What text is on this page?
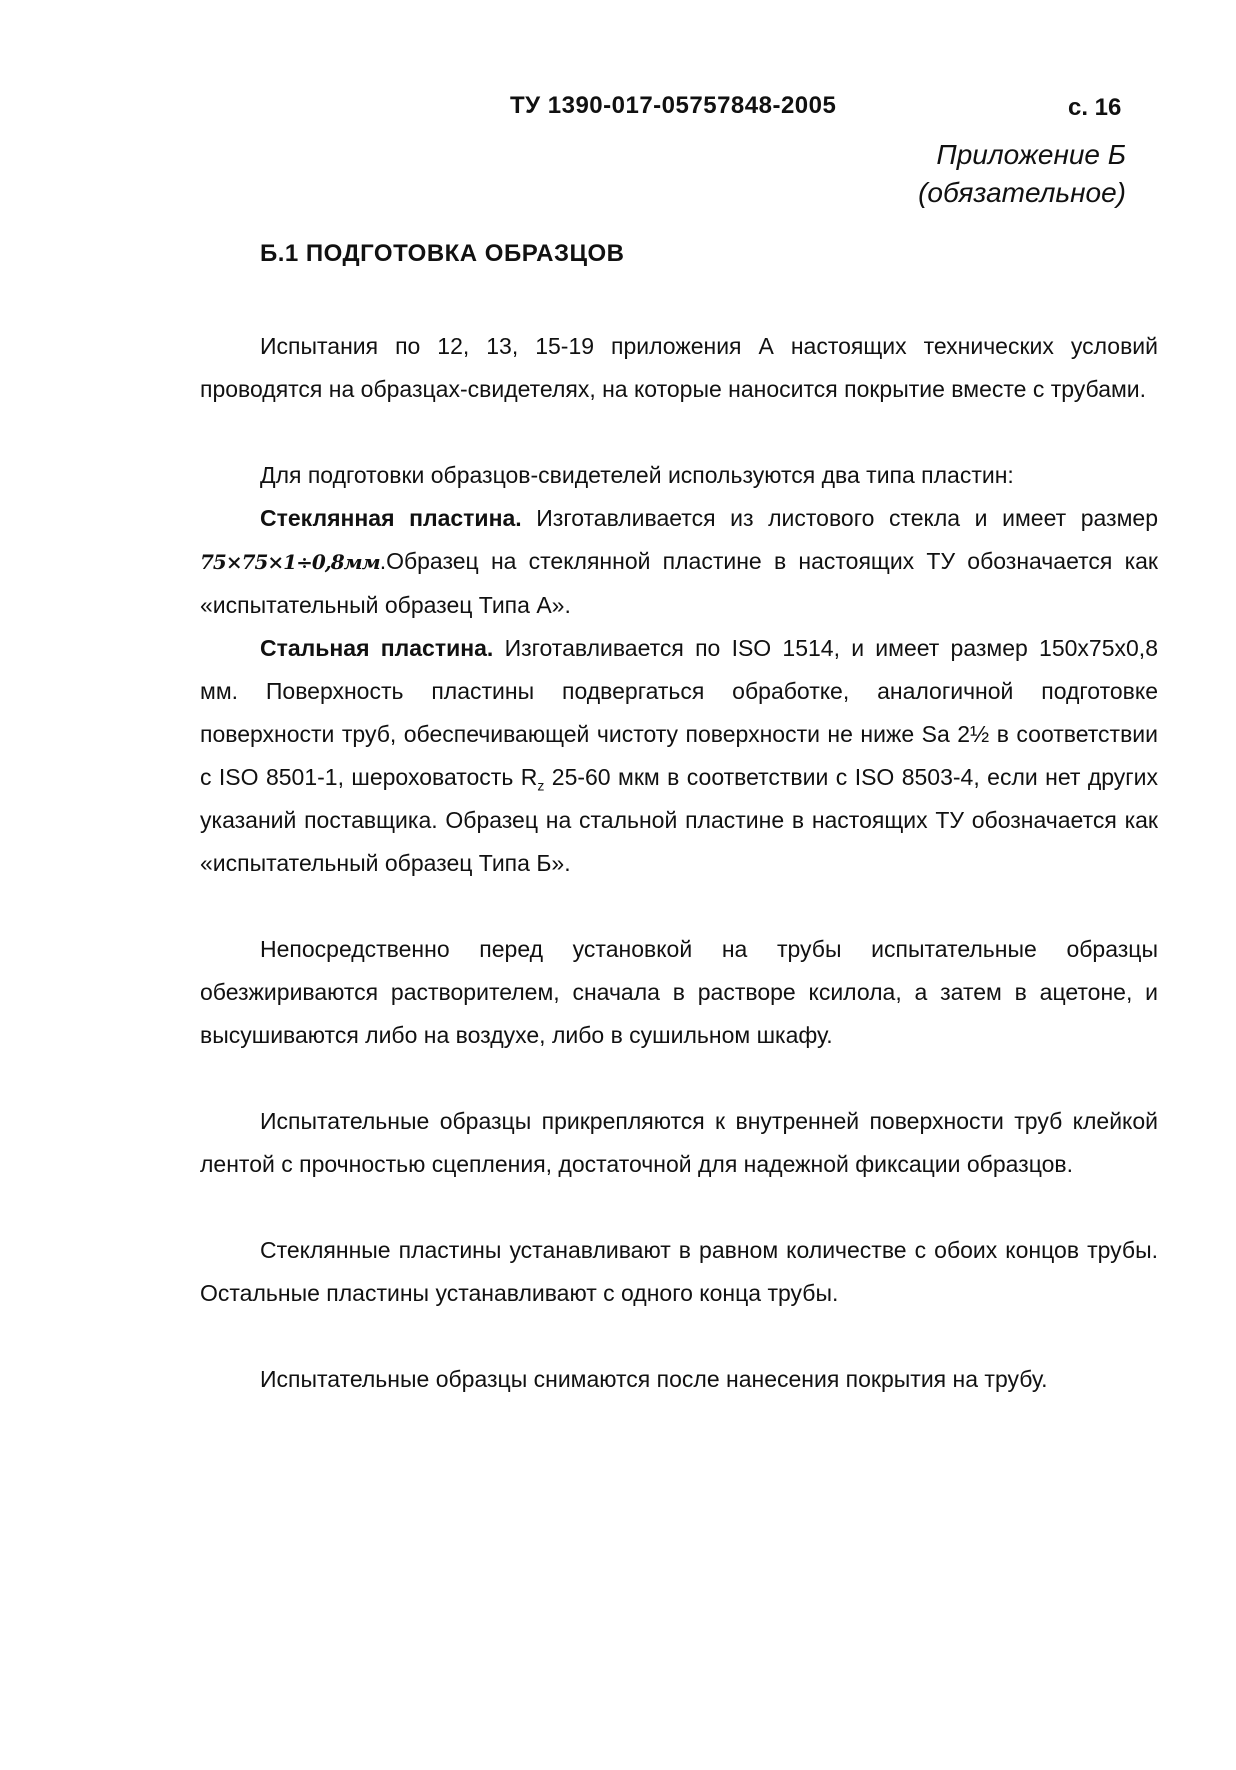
ТУ 1390-017-05757848-2005	с. 16
Приложение Б
(обязательное)
Б.1 ПОДГОТОВКА ОБРАЗЦОВ

Испытания по 12, 13, 15-19 приложения А настоящих технических условий проводятся на образцах-свидетелях, на которые наносится покрытие вместе с трубами.

Для подготовки образцов-свидетелей используются два типа пластин:

Стеклянная пластина. Изготавливается из листового стекла и имеет размер 75×75×1÷0,8мм.Образец на стеклянной пластине в настоящих ТУ обозначается как «испытательный образец Типа А».

Стальная пластина. Изготавливается по ISO 1514, и имеет размер 150x75x0,8 мм. Поверхность пластины подвергаться обработке, аналогичной подготовке поверхности труб, обеспечивающей чистоту поверхности не ниже Sa 2½ в соответствии с ISO 8501-1, шероховатость $R_z$ 25-60 мкм в соответствии с ISO 8503-4, если нет других указаний поставщика. Образец на стальной пластине в настоящих ТУ обозначается как «испытательный образец Типа Б».

Непосредственно перед установкой на трубы испытательные образцы обезжириваются растворителем, сначала в растворе ксилола, а затем в ацетоне, и высушиваются либо на воздухе, либо в сушильном шкафу.

Испытательные образцы прикрепляются к внутренней поверхности труб клейкой лентой с прочностью сцепления, достаточной для надежной фиксации образцов.

Стеклянные пластины устанавливают в равном количестве с обоих концов трубы. Остальные пластины устанавливают с одного конца трубы.

Испытательные образцы снимаются после нанесения покрытия на трубу.
